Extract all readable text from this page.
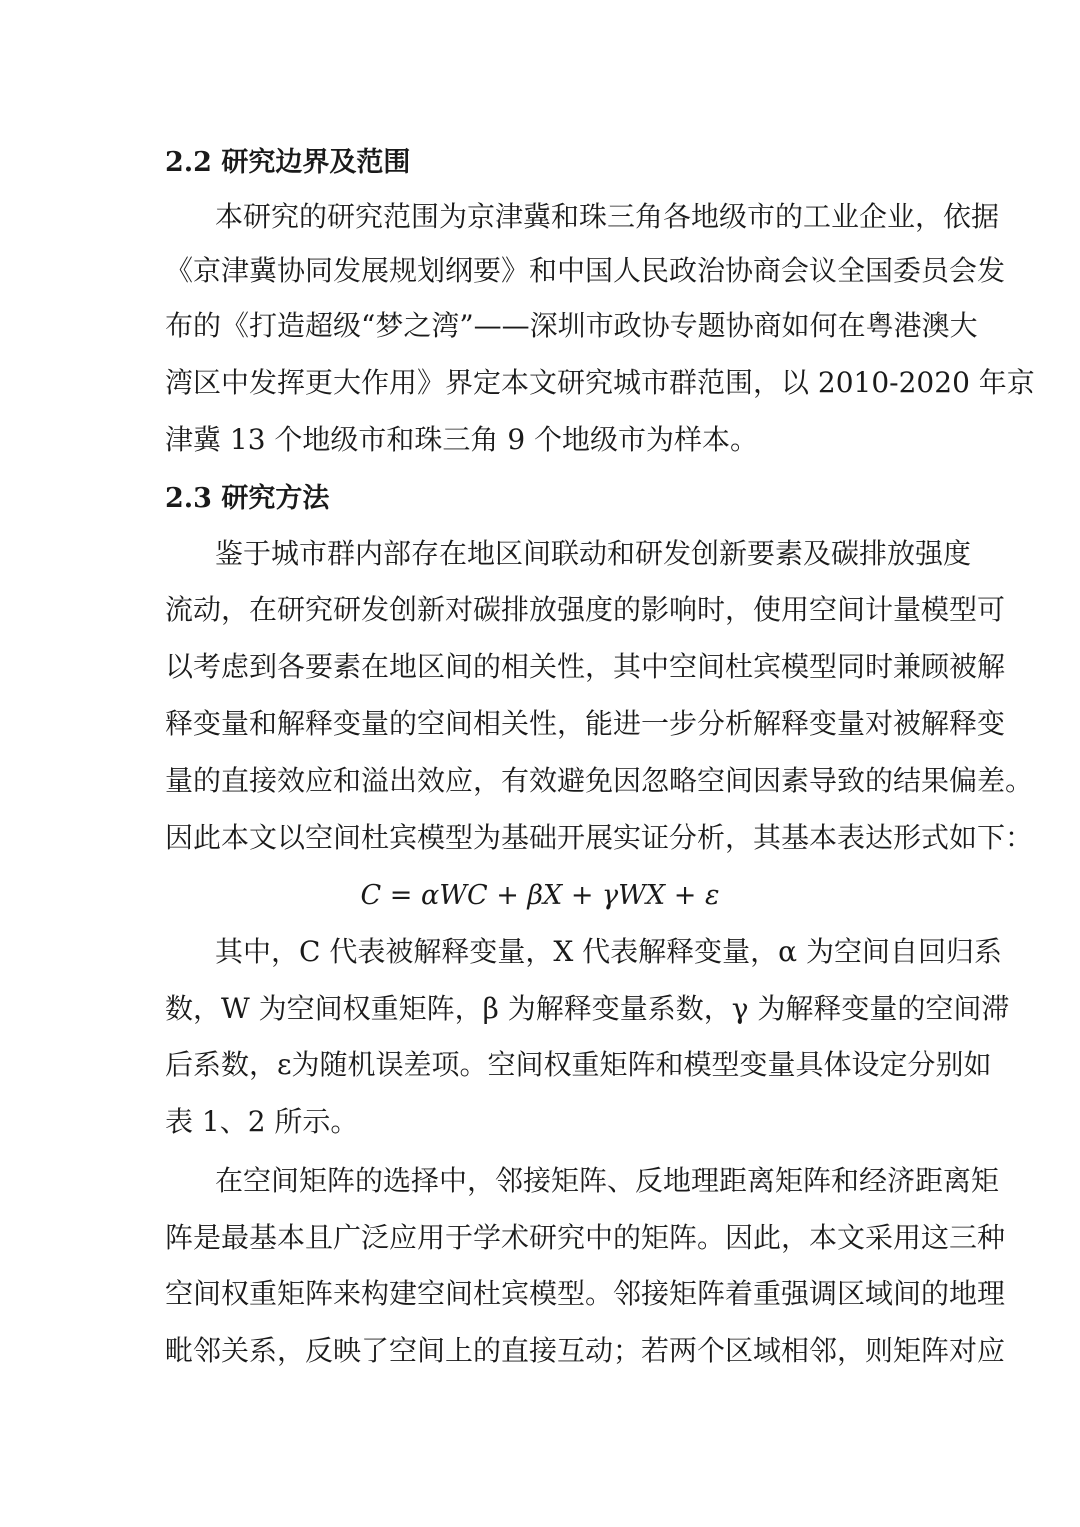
2.2 研究边界及范围
本研究的研究范围为京津冀和珠三角各地级市的工业企业，依据
《京津冀协同发展规划纲要》和中国人民政治协商会议全国委员会发
布的《打造超级“梦之湾”——深圳市政协专题协商如何在粤港澳大
湾区中发挥更大作用》界定本文研究城市群范围，以 2010-2020 年京
津冀 13 个地级市和珠三角 9 个地级市为样本。
2.3 研究方法
鉴于城市群内部存在地区间联动和研发创新要素及碳排放强度
流动，在研究研发创新对碳排放强度的影响时，使用空间计量模型可
以考虑到各要素在地区间的相关性，其中空间杜宾模型同时兼顾被解
释变量和解释变量的空间相关性，能进一步分析解释变量对被解释变
量的直接效应和溢出效应，有效避免因忽略空间因素导致的结果偏差。
因此本文以空间杜宾模型为基础开展实证分析，其基本表达形式如下：
C = αWC + βX + γWX + ε
其中，C 代表被解释变量，X 代表解释变量，α 为空间自回归系
数，W 为空间权重矩阵，β 为解释变量系数，γ 为解释变量的空间滞
后系数，ε为随机误差项。空间权重矩阵和模型变量具体设定分别如
表 1、2 所示。
在空间矩阵的选择中，邻接矩阵、反地理距离矩阵和经济距离矩
阵是最基本且广泛应用于学术研究中的矩阵。因此，本文采用这三种
空间权重矩阵来构建空间杜宾模型。邻接矩阵着重强调区域间的地理
毗邻关系，反映了空间上的直接互动；若两个区域相邻，则矩阵对应
